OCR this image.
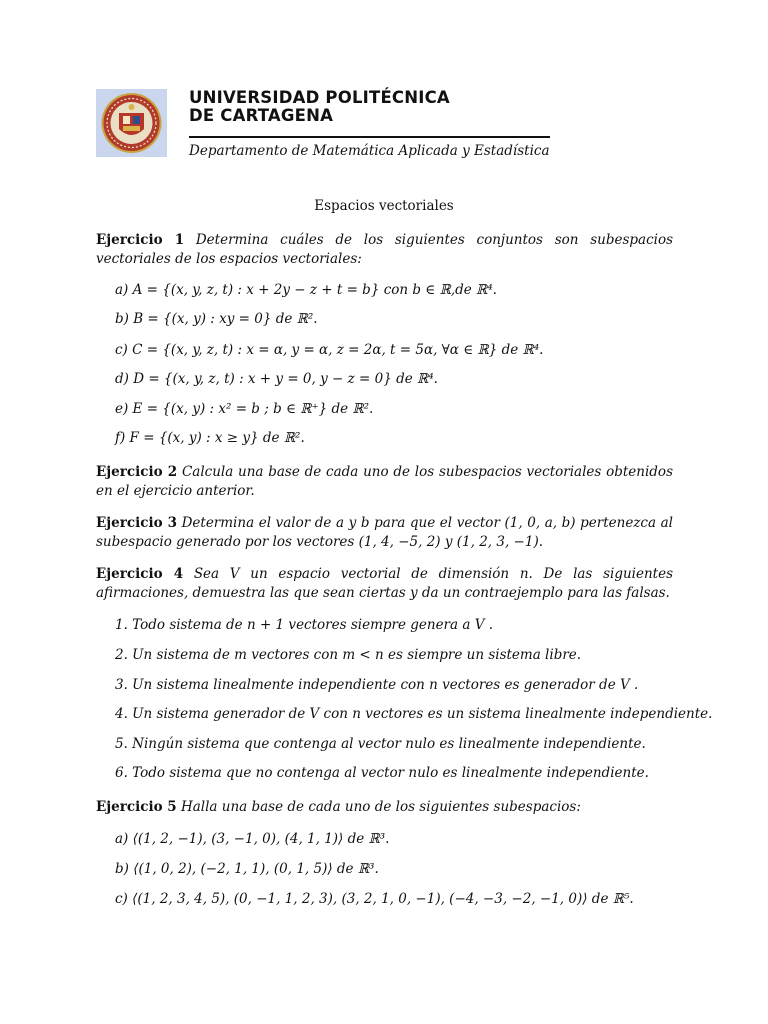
UNIVERSIDAD POLITÉCNICA
DE CARTAGENA
Departamento de Matemática Aplicada y Estadística
Espacios vectoriales
Ejercicio 1 Determina cuáles de los siguientes conjuntos son subespacios vectoriales de los espacios vectoriales:
a) A = {(x, y, z, t) : x + 2y − z + t = b} con b ∈ ℝ,de ℝ⁴.
b) B = {(x, y) : xy = 0} de ℝ².
c) C = {(x, y, z, t) : x = α, y = α, z = 2α, t = 5α, ∀α ∈ ℝ} de ℝ⁴.
d) D = {(x, y, z, t) : x + y = 0, y − z = 0} de ℝ⁴.
e) E = {(x, y) : x² = b ; b ∈ ℝ⁺} de ℝ².
f) F = {(x, y) : x ≥ y} de ℝ².
Ejercicio 2 Calcula una base de cada uno de los subespacios vectoriales obtenidos en el ejercicio anterior.
Ejercicio 3 Determina el valor de a y b para que el vector (1, 0, a, b) pertenezca al subespacio generado por los vectores (1, 4, −5, 2) y (1, 2, 3, −1).
Ejercicio 4 Sea V un espacio vectorial de dimensión n. De las siguientes afirmaciones, demuestra las que sean ciertas y da un contraejemplo para las falsas.
1. Todo sistema de n + 1 vectores siempre genera a V .
2. Un sistema de m vectores con m < n es siempre un sistema libre.
3. Un sistema linealmente independiente con n vectores es generador de V .
4. Un sistema generador de V con n vectores es un sistema linealmente independiente.
5. Ningún sistema que contenga al vector nulo es linealmente independiente.
6. Todo sistema que no contenga al vector nulo es linealmente independiente.
Ejercicio 5 Halla una base de cada uno de los siguientes subespacios:
a) ⟨(1, 2, −1), (3, −1, 0), (4, 1, 1)⟩ de ℝ³.
b) ⟨(1, 0, 2), (−2, 1, 1), (0, 1, 5)⟩ de ℝ³.
c) ⟨(1, 2, 3, 4, 5), (0, −1, 1, 2, 3), (3, 2, 1, 0, −1), (−4, −3, −2, −1, 0)⟩ de ℝ⁵.
